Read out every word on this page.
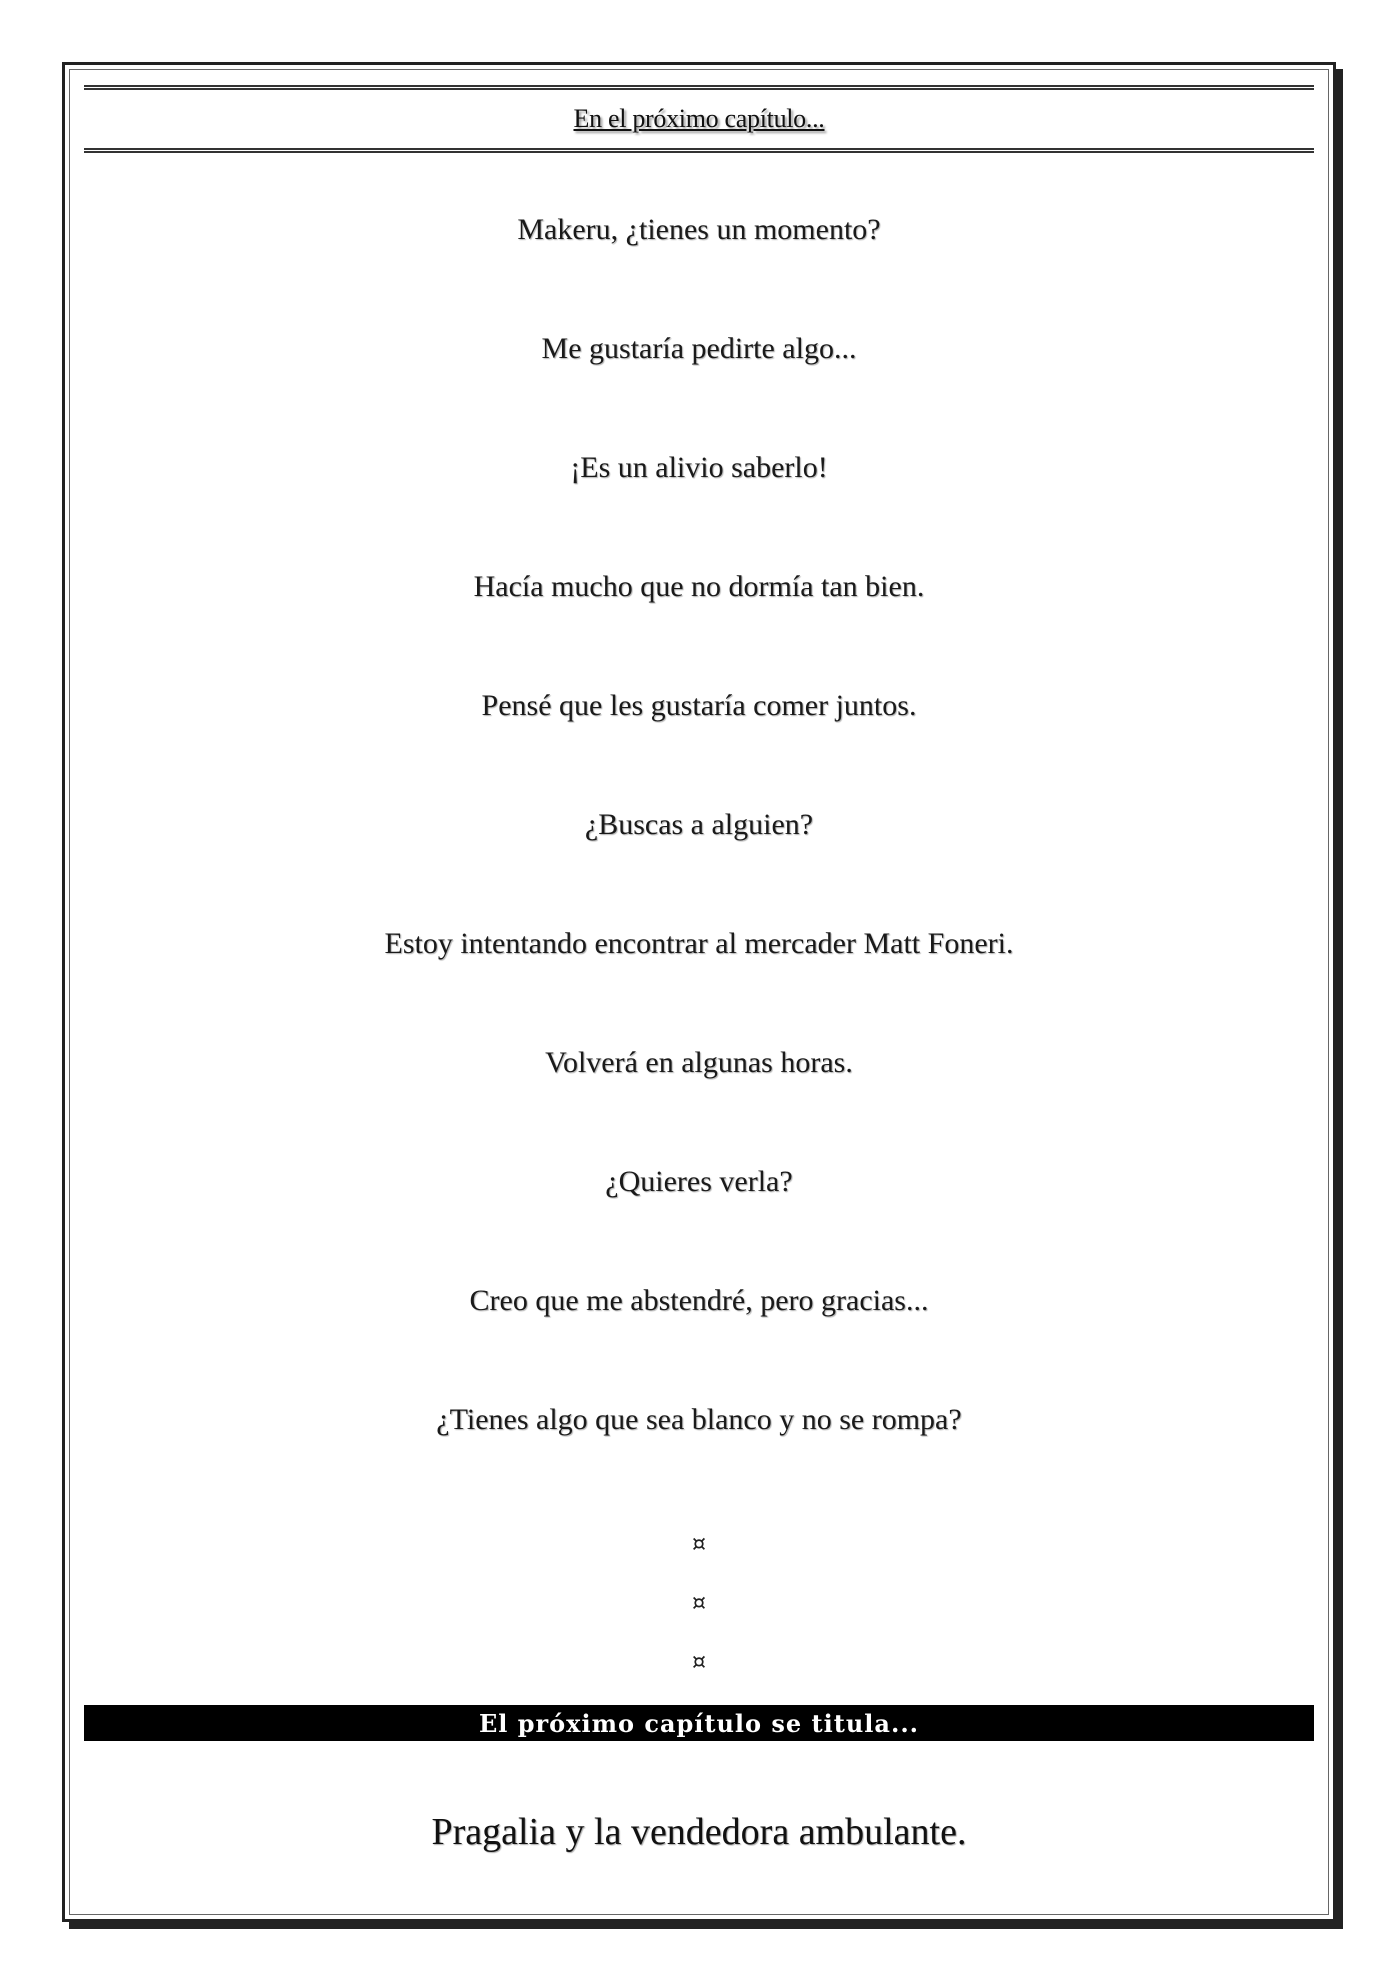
En el próximo capítulo...
Makeru, ¿tienes un momento?
Me gustaría pedirte algo...
¡Es un alivio saberlo!
Hacía mucho que no dormía tan bien.
Pensé que les gustaría comer juntos.
¿Buscas a alguien?
Estoy intentando encontrar al mercader Matt Foneri.
Volverá en algunas horas.
¿Quieres verla?
Creo que me abstendré, pero gracias...
¿Tienes algo que sea blanco y no se rompa?
¤
¤
¤
El próximo capítulo se titula...
Pragalia y la vendedora ambulante.
